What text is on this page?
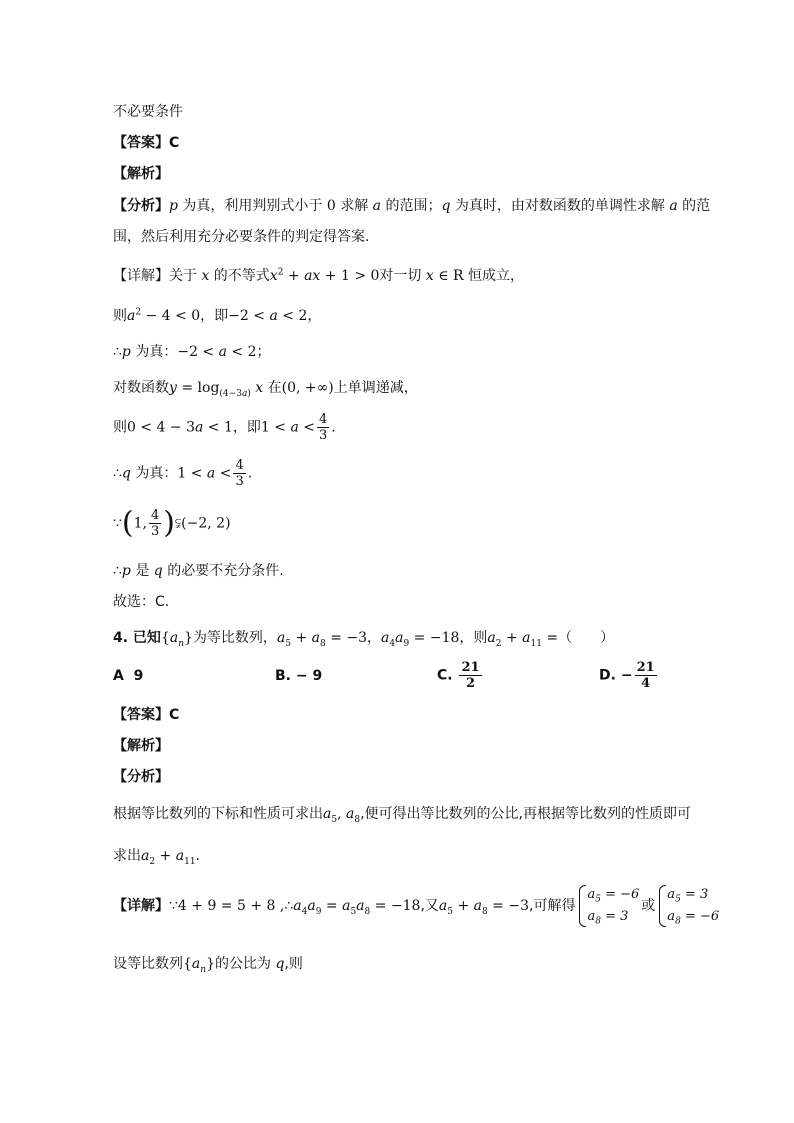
不必要条件
【答案】C
【解析】
【分析】p 为真，利用判别式小于 0 求解 a 的范围；q 为真时，由对数函数的单调性求解 a 的范
围，然后利用充分必要条件的判定得答案.
【详解】关于 x 的不等式$x^2$ + ax + 1 > 0对一切 x ∈ R 恒成立，
则$a^2 - 4 < 0$，即−2 < a < 2，
∴p 为真：−2 < a < 2；
对数函数$y = \log_{(4-3a)} x$ 在(0, +∞)上单调递减，
则0 < 4 − 3a < 1，即$1 < a < \frac{4}{3}$ .
∴q 为真：$1 < a < \frac{4}{3}$ .
∵(1, $\frac{4}{3}$ )⫋(−2, 2)
∴p 是 q 的必要不充分条件.
故选：C.
4. 已知$\{a_n\}$为等比数列，$a_5 + a_8 = -3$，$a_4a_9 = -18$，则$a_2 + a_{11}$ =（　　）
A 9	B. − 9	C. $\frac{21}{2}$	D. − $\frac{21}{4}$
【答案】C
【解析】
【分析】
根据等比数列的下标和性质可求出$a_5$, $a_8$,便可得出等比数列的公比,再根据等比数列的性质即可
求出$a_2 + a_{11}$.
【详解】∵4 + 9 = 5 + 8 $,\therefore a_4a_9 = a_5a_8 = -18$,又$a_5 + a_8 = -3$,可解得
$a_5 = -6$
$a_8 = 3$
或
$a_5 = 3$
$a_8 = -6$
设等比数列$\{a_n\}$的公比为 q,则
